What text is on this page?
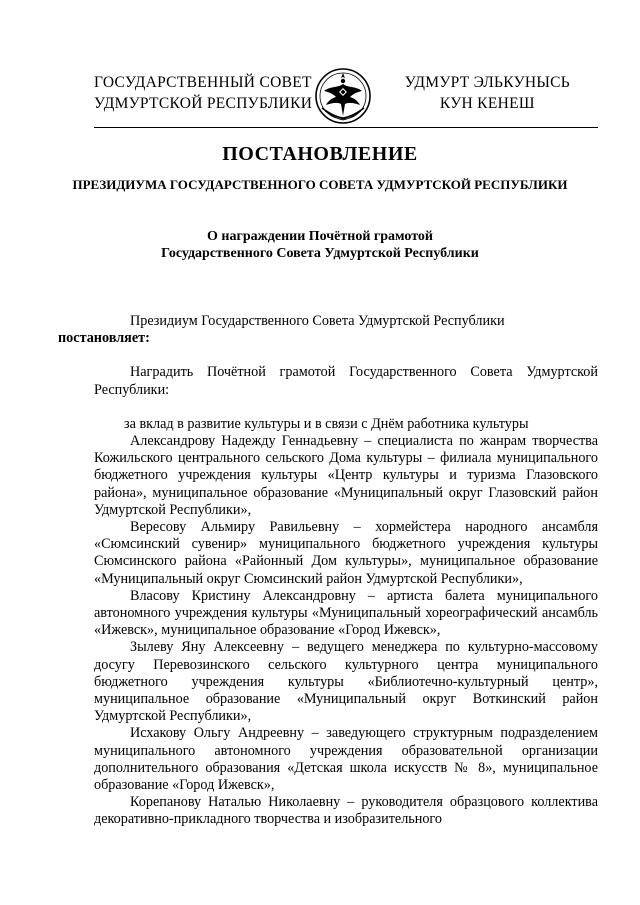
ГОСУДАРСТВЕННЫЙ СОВЕТ
УДМУРТСКОЙ РЕСПУБЛИКИ
УДМУРТ ЭЛЬКУНЫСЬ
КУН КЕНЕШ
ПОСТАНОВЛЕНИЕ
ПРЕЗИДИУМА ГОСУДАРСТВЕННОГО СОВЕТА УДМУРТСКОЙ РЕСПУБЛИКИ
О награждении Почётной грамотой
Государственного Совета Удмуртской Республики

Президиум Государственного Совета Удмуртской Республики
постановляет:

Наградить Почётной грамотой Государственного Совета Удмуртской Республики:

за вклад в развитие культуры и в связи с Днём работника культуры

Александрову Надежду Геннадьевну – специалиста по жанрам творчества Кожильского центрального сельского Дома культуры – филиала муниципального бюджетного учреждения культуры «Центр культуры и туризма Глазовского района», муниципальное образование «Муниципальный округ Глазовский район Удмуртской Республики»,

Вересову Альмиру Равильевну – хормейстера народного ансамбля «Сюмсинский сувенир» муниципального бюджетного учреждения культуры Сюмсинского района «Районный Дом культуры», муниципальное образование «Муниципальный округ Сюмсинский район Удмуртской Республики»,

Власову Кристину Александровну – артиста балета муниципального автономного учреждения культуры «Муниципальный хореографический ансамбль «Ижевск», муниципальное образование «Город Ижевск»,

Зылеву Яну Алексеевну – ведущего менеджера по культурно-массовому досугу Перевозинского сельского культурного центра муниципального бюджетного учреждения культуры «Библиотечно-культурный центр», муниципальное образование «Муниципальный округ Воткинский район Удмуртской Республики»,

Исхакову Ольгу Андреевну – заведующего структурным подразделением муниципального автономного учреждения образовательной организации дополнительного образования «Детская школа искусств № 8», муниципальное образование «Город Ижевск»,

Корепанову Наталью Николаевну – руководителя образцового коллектива декоративно-прикладного творчества и изобразительного
